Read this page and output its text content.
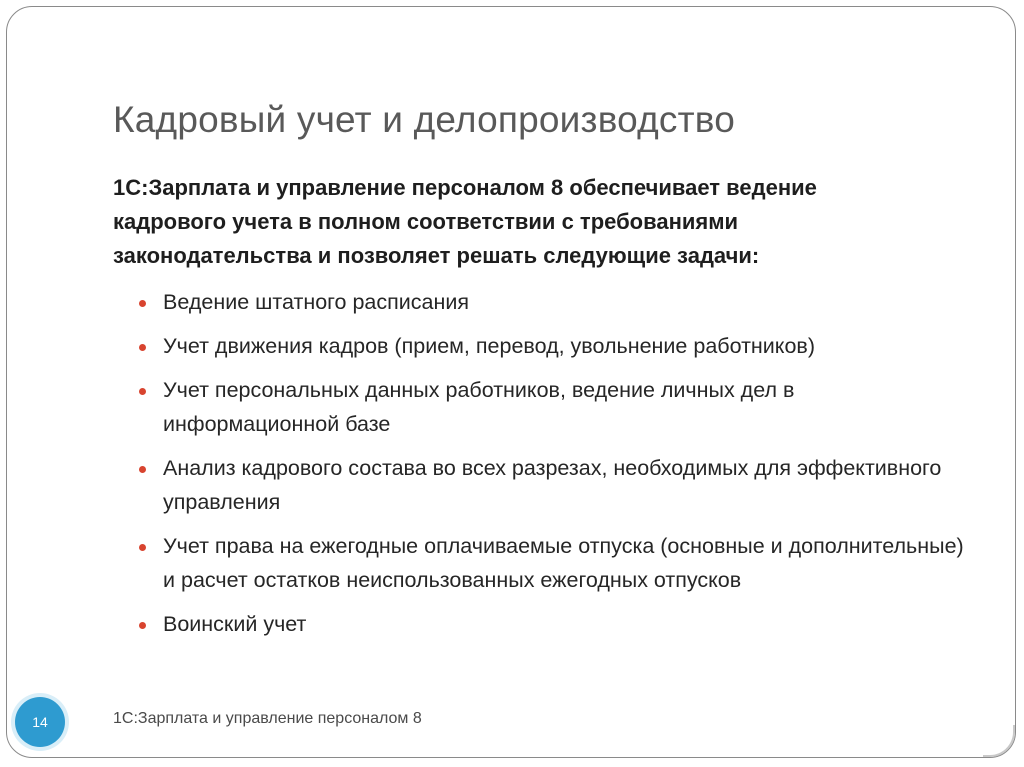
Кадровый учет и делопроизводство

1С:Зарплата и управление персоналом 8 обеспечивает ведение кадрового учета в полном соответствии с требованиями законодательства и позволяет решать следующие задачи:

Ведение штатного расписания
Учет движения кадров (прием, перевод, увольнение работников)
Учет персональных данных работников, ведение личных дел в информационной базе
Анализ кадрового состава во всех разрезах, необходимых для эффективного управления
Учет права на ежегодные оплачиваемые отпуска (основные и дополнительные) и расчет остатков неиспользованных ежегодных отпусков
Воинский учет
14	1С:Зарплата и управление персоналом 8
